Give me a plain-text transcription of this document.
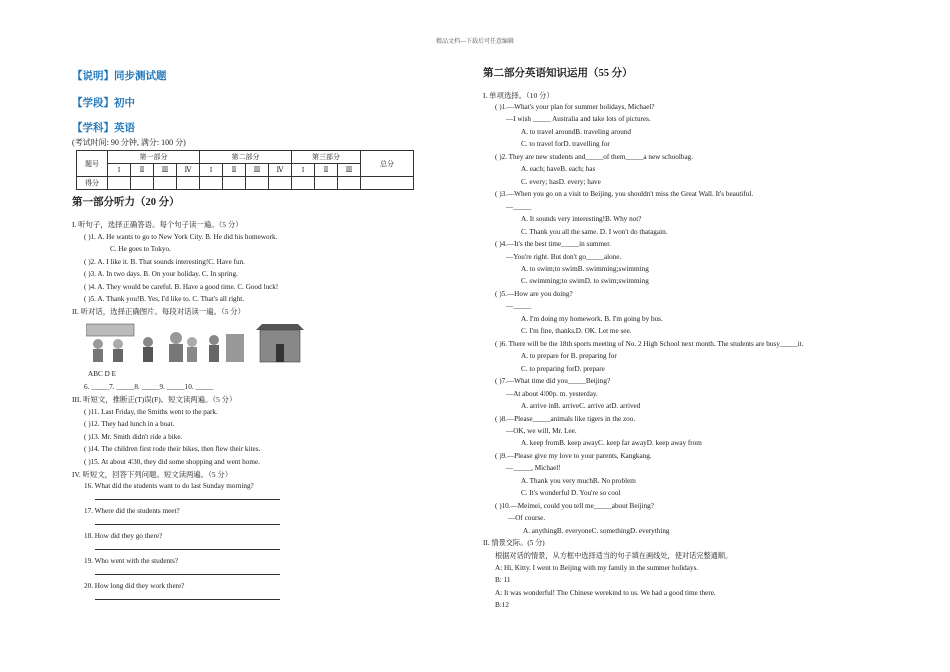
精品文档---下载后可任意编辑
【说明】同步测试题
【学段】初中
【学科】英语
(考试时间: 90 分钟, 满分: 100 分)
题号	第一部分				第二部分				第三部分			总分
	I	Ⅱ	Ⅲ	Ⅳ	I	Ⅱ	Ⅲ	Ⅳ	I	Ⅱ	Ⅲ	
得分												
第一部分听力（20 分）
I. 听句子，选择正确答语。每个句子读一遍。（5 分）
( )1. A. He wants to go to New York City. B. He did his homework.
C. He goes to Tokyo.
( )2. A. I like it. B. That sounds interesting!C. Have fun.
( )3. A. In two days. B. On your holiday. C. In spring.
( )4. A. They would be careful. B. Have a good time. C. Good luck!
( )5. A. Thank you!B. Yes, I'd like to. C. That's all right.
II. 听对话，选择正确图片。每段对话读一遍。（5 分）
ABC D E
6. _____7. _____8. _____9. _____10. _____
III. 听短文，推断正(T)误(F)。短文读两遍。（5 分）
( )11. Last Friday, the Smiths went to the park.
( )12. They had lunch in a boat.
( )13. Mr. Smith didn't ride a bike.
( )14. The children first rode their bikes, then flew their kites.
( )15. At about 4∶30, they did some shopping and went home.
IV. 听短文，回答下列问题。短文读两遍。（5 分）
16. What did the students want to do last Sunday morning?
17. Where did the students meet?
18. How did they go there?
19. Who went with the students?
20. How long did they work there?
第二部分英语知识运用（55 分）
I. 单项选择。（10 分）
( )1.—What's your plan for summer holidays, Michael?
—I wish _____ Australia and take lots of pictures.
A. to travel aroundB. traveling around
C. to travel forD. travelling for
( )2. They are new students and_____of them_____a new schoolbag.
A. each; haveB. each; has
C. every; hasD. every; have
( )3.—When you go on a visit to Beijing, you shouldn't miss the Great Wall. It's beautiful.
—_____
A. It sounds very interesting!B. Why not?
C. Thank you all the same. D. I won't do thatagain.
( )4.—It's the best time_____in summer.
—You're right. But don't go_____alone.
A. to swim;to swimB. swimming;swimming
C. swimming;to swimD. to swim;swimming
( )5.—How are you doing?
—_____
A. I'm doing my homework. B. I'm going by bus.
C. I'm fine, thanks.D. OK. Let me see.
( )6. There will be the 18th sports meeting of No. 2 High School next month. The students are busy_____it.
A. to prepare for B. preparing for
C. to preparing forD. prepare
( )7.—What time did you_____Beijing?
—At about 4∶00p. m. yesterday.
A. arrive inB. arriveC. arrive atD. arrived
( )8.—Please_____animals like tigers in the zoo.
—OK, we will, Mr. Lee.
A. keep fromB. keep awayC. keep far awayD. keep away from
( )9.—Please give my love to your parents, Kangkang.
—_____, Michael!
A. Thank you very muchB. No problem
C. It's wonderful D. You're so cool
( )10.—Meimei, could you tell me_____about Beijing?
—Of course.
A. anythingB. everyoneC. somethingD. everything
II. 情景交际。(5 分)
根据对话的情景，从方框中选择适当的句子填在画线处，使对话完整通顺。
A: Hi, Kitty. I went to Beijing with my family in the summer holidays.
B: 11
A: It was wonderful! The Chinese werekind to us. We had a good time there.
B:12
